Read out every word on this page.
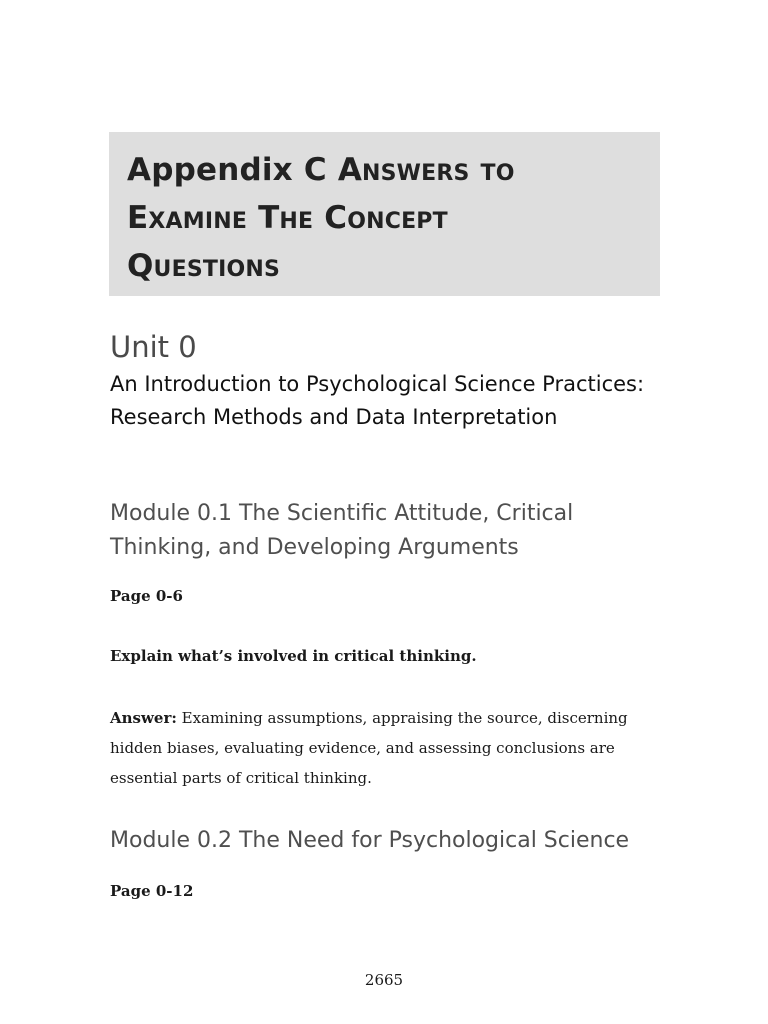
Appendix C Answers to
Examine The Concept
Questions
Unit 0
An Introduction to Psychological Science Practices: Research Methods and Data Interpretation
Module 0.1 The Scientific Attitude, Critical Thinking, and Developing Arguments

Page 0-6

Explain what’s involved in critical thinking.

Answer: Examining assumptions, appraising the source, discerning hidden biases, evaluating evidence, and assessing conclusions are essential parts of critical thinking.

Module 0.2 The Need for Psychological Science

Page 0-12

2665
